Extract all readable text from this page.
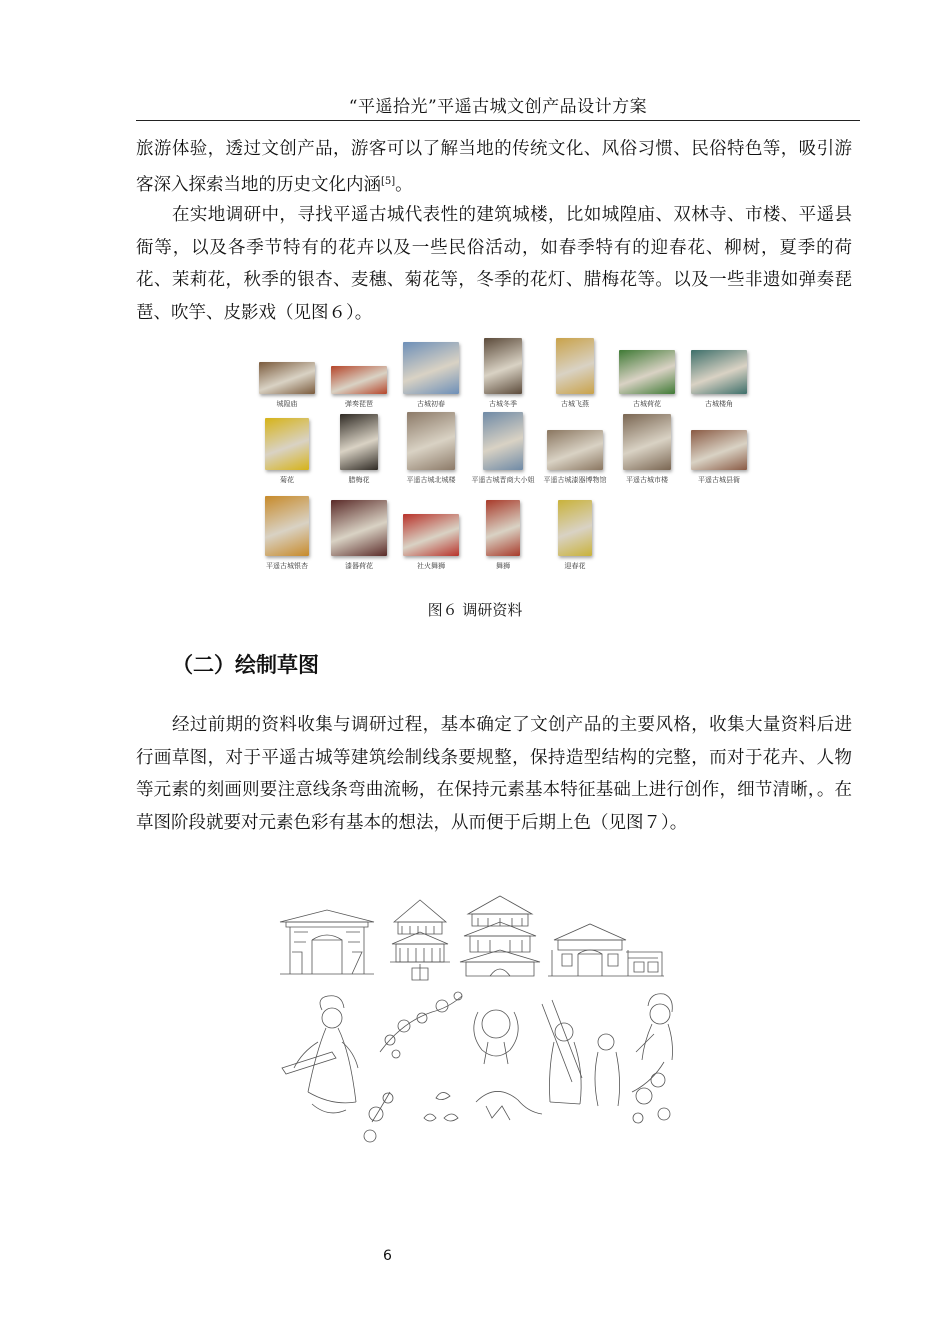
“平遥拾光”平遥古城文创产品设计方案

旅游体验，透过文创产品，游客可以了解当地的传统文化、风俗习惯、民俗特色等，吸引游客深入探索当地的历史文化内涵[5]。

在实地调研中，寻找平遥古城代表性的建筑城楼，比如城隍庙、双林寺、市楼、平遥县衙等，以及各季节特有的花卉以及一些民俗活动，如春季特有的迎春花、柳树，夏季的荷花、茉莉花，秋季的银杏、麦穗、菊花等，冬季的花灯、腊梅花等。以及一些非遗如弹奏琵琶、吹竽、皮影戏（见图６）。

城隍庙	弹奏琵琶	古城初春	古城冬季	古城飞燕	古城荷花	古城楼角
菊花	腊梅花	平遥古城北城楼	平遥古城晋商大小姐	平遥古城漆器博物馆	平遥古城市楼	平遥古城县衙
平遥古城银杏	漆器荷花	社火舞狮	舞狮	迎春花
图６ 调研资料
（二）绘制草图

经过前期的资料收集与调研过程，基本确定了文创产品的主要风格，收集大量资料后进行画草图，对于平遥古城等建筑绘制线条要规整，保持造型结构的完整，而对于花卉、人物等元素的刻画则要注意线条弯曲流畅，在保持元素基本特征基础上进行创作，细节清晰，。在草图阶段就要对元素色彩有基本的想法，从而便于后期上色（见图７）。

6
